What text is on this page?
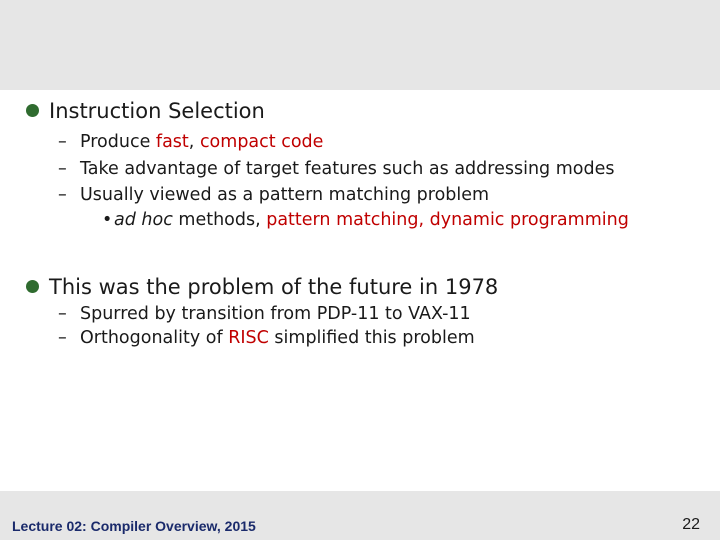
Instruction Selection
– Produce fast, compact code
– Take advantage of target features such as addressing modes
– Usually viewed as a pattern matching problem
•ad hoc methods, pattern matching, dynamic programming
This was the problem of the future in 1978
– Spurred by transition from PDP-11 to VAX-11
– Orthogonality of RISC simplified this problem
Lecture 02: Compiler Overview, 2015	22
